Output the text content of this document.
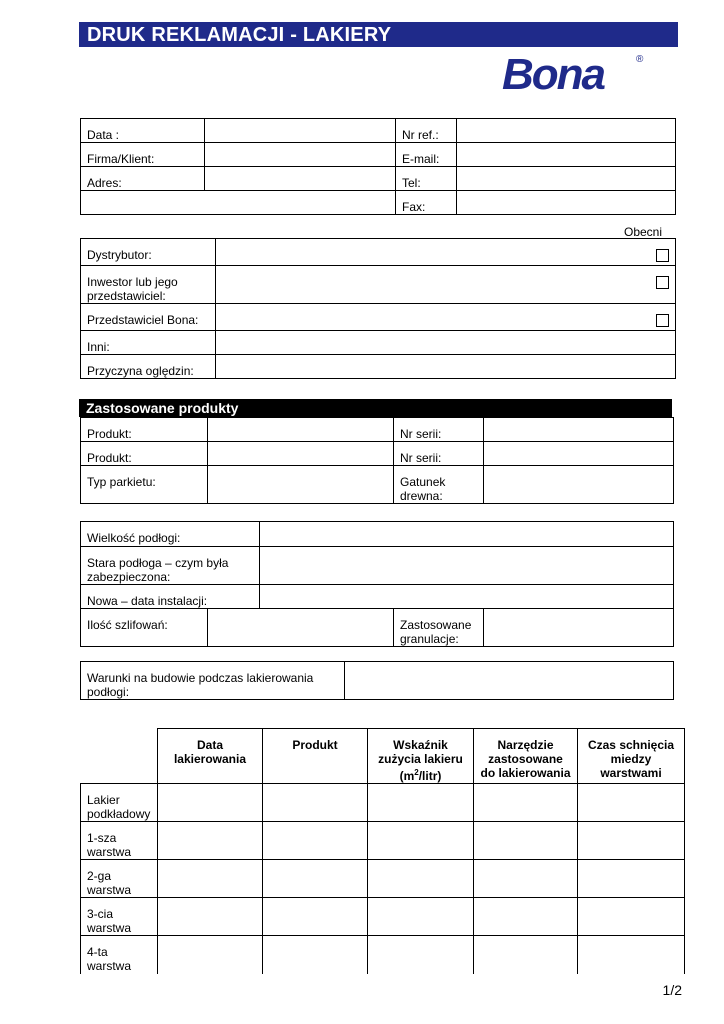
DRUK REKLAMACJI - LAKIERY
Bona	®
Data :		Nr ref.:	
Firma/Klient:		E-mail:	
Adres:		Tel:	
		Fax:	
Obecni
Dystrybutor:	
Inwestor lub jego przedstawiciel:	
Przedstawiciel Bona:	
Inni:	
Przyczyna oględzin:	
Zastosowane produkty
Produkt:		Nr serii:	
Produkt:		Nr serii:	
Typ parkietu:		Gatunek drewna:	
Wielkość podłogi:				
Stara podłoga – czym była zabezpieczona:				
Nowa – data instalacji:				
Ilość szlifowań:			Zastosowane granulacje:	
Warunki na budowie podczas lakierowania podłogi:	
	Data lakierowania	Produkt	Wskaźnik zużycia lakieru $(m^2/litr)$	Narzędzie zastosowane do lakierowania	Czas schnięcia miedzy warstwami
Lakier podkładowy					
1-sza warstwa					
2-ga warstwa					
3-cia warstwa					
4-ta warstwa					
1/2
